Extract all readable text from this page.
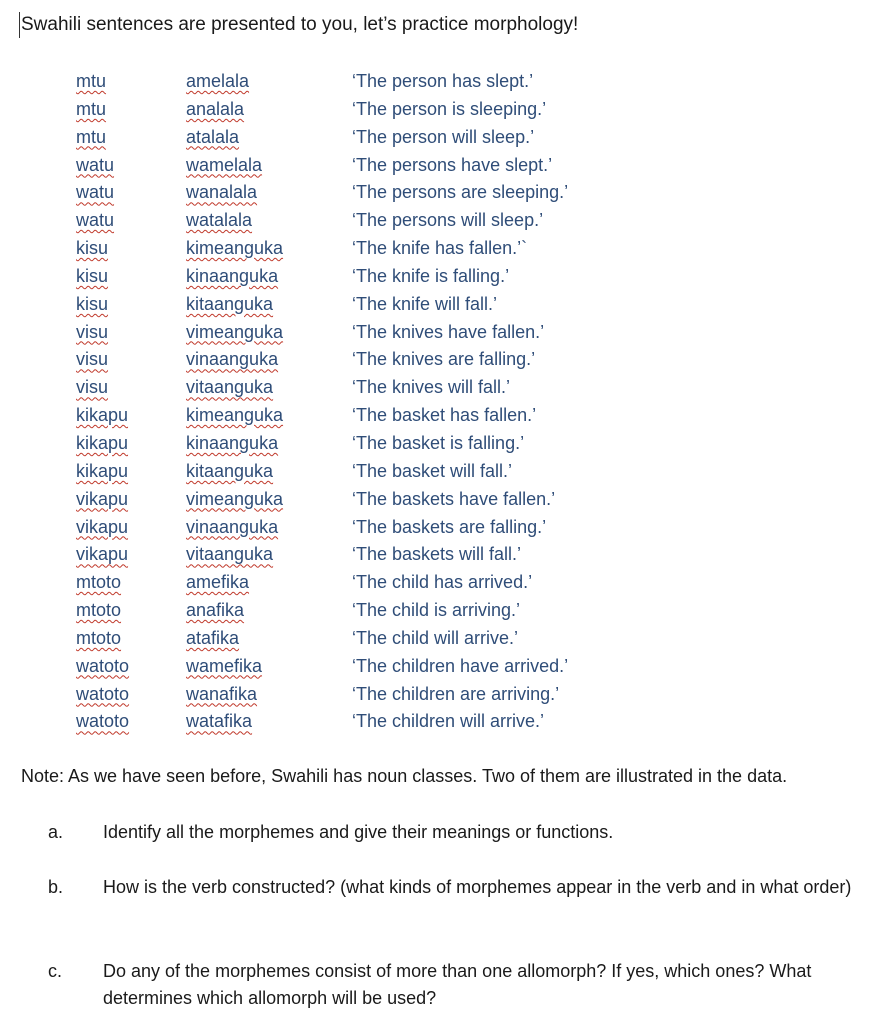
Swahili sentences are presented to you, let’s practice morphology!
mtu	amelala	‘The person has slept.’
mtu	analala	‘The person is sleeping.’
mtu	atalala	‘The person will sleep.’
watu	wamelala	‘The persons have slept.’
watu	wanalala	‘The persons are sleeping.’
watu	watalala	‘The persons will sleep.’
kisu	kimeanguka	‘The knife has fallen.’`
kisu	kinaanguka	‘The knife is falling.’
kisu	kitaanguka	‘The knife will fall.’
visu	vimeanguka	‘The knives have fallen.’
visu	vinaanguka	‘The knives are falling.’
visu	vitaanguka	‘The knives will fall.’
kikapu	kimeanguka	‘The basket has fallen.’
kikapu	kinaanguka	‘The basket is falling.’
kikapu	kitaanguka	‘The basket will fall.’
vikapu	vimeanguka	‘The baskets have fallen.’
vikapu	vinaanguka	‘The baskets are falling.’
vikapu	vitaanguka	‘The baskets will fall.’
mtoto	amefika	‘The child has arrived.’
mtoto	anafika	‘The child is arriving.’
mtoto	atafika	‘The child will arrive.’
watoto	wamefika	‘The children have arrived.’
watoto	wanafika	‘The children are arriving.’
watoto	watafika	‘The children will arrive.’
Note: As we have seen before, Swahili has noun classes. Two of them are illustrated in the data.
a. Identify all the morphemes and give their meanings or functions.
b. How is the verb constructed? (what kinds of morphemes appear in the verb and in what order)
c. Do any of the morphemes consist of more than one allomorph? If yes, which ones? What determines which allomorph will be used?
